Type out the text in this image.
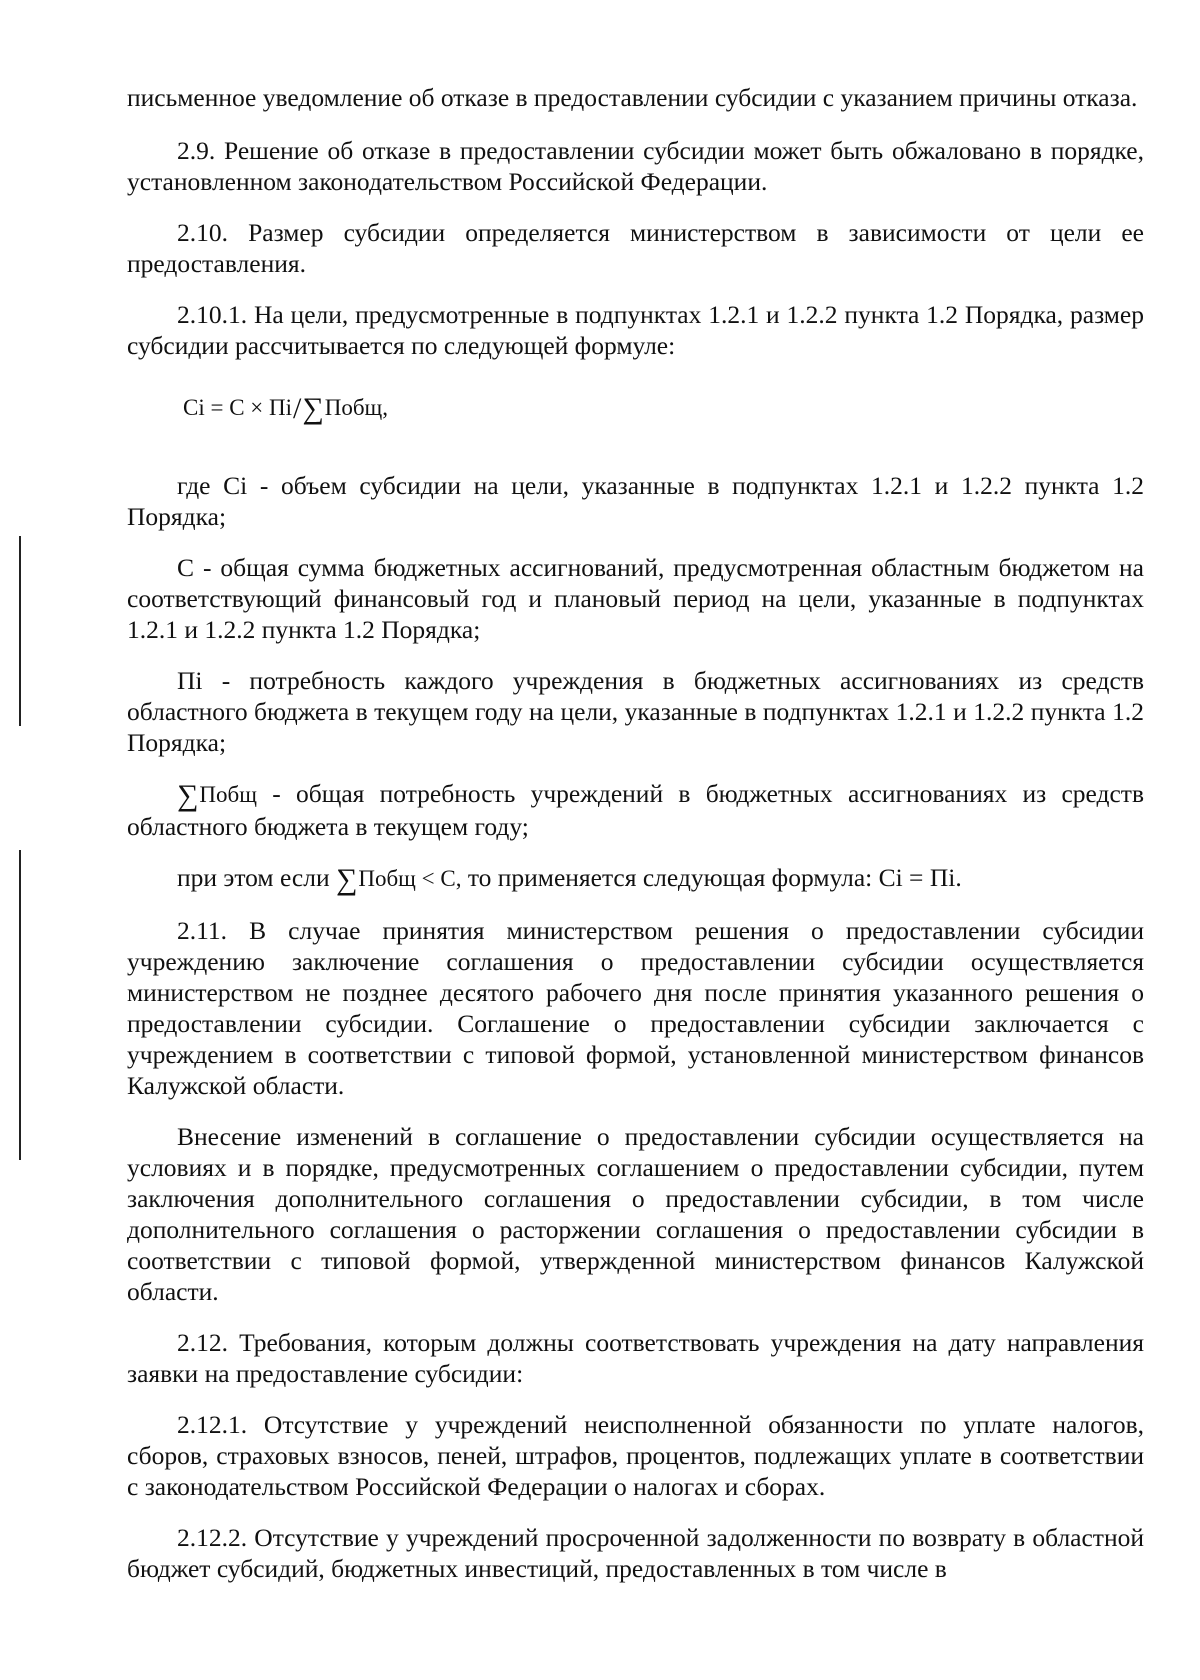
письменное уведомление об отказе в предоставлении субсидии с указанием причины отказа.

2.9. Решение об отказе в предоставлении субсидии может быть обжаловано в порядке, установленном законодательством Российской Федерации.

2.10. Размер субсидии определяется министерством в зависимости от цели ее предоставления.

2.10.1. На цели, предусмотренные в подпунктах 1.2.1 и 1.2.2 пункта 1.2 Порядка, размер субсидии рассчитывается по следующей формуле:

Ci = C × Пi/∑Побщ,

где Ci - объем субсидии на цели, указанные в подпунктах 1.2.1 и 1.2.2 пункта 1.2 Порядка;

C - общая сумма бюджетных ассигнований, предусмотренная областным бюджетом на соответствующий финансовый год и плановый период на цели, указанные в подпунктах 1.2.1 и 1.2.2 пункта 1.2 Порядка;

Пi - потребность каждого учреждения в бюджетных ассигнованиях из средств областного бюджета в текущем году на цели, указанные в подпунктах 1.2.1 и 1.2.2 пункта 1.2 Порядка;

∑Побщ - общая потребность учреждений в бюджетных ассигнованиях из средств областного бюджета в текущем году;

при этом если ∑Побщ < C, то применяется следующая формула: Ci = Пi.

2.11. В случае принятия министерством решения о предоставлении субсидии учреждению заключение соглашения о предоставлении субсидии осуществляется министерством не позднее десятого рабочего дня после принятия указанного решения о предоставлении субсидии. Соглашение о предоставлении субсидии заключается с учреждением в соответствии с типовой формой, установленной министерством финансов Калужской области.

Внесение изменений в соглашение о предоставлении субсидии осуществляется на условиях и в порядке, предусмотренных соглашением о предоставлении субсидии, путем заключения дополнительного соглашения о предоставлении субсидии, в том числе дополнительного соглашения о расторжении соглашения о предоставлении субсидии в соответствии с типовой формой, утвержденной министерством финансов Калужской области.

2.12. Требования, которым должны соответствовать учреждения на дату направления заявки на предоставление субсидии:

2.12.1. Отсутствие у учреждений неисполненной обязанности по уплате налогов, сборов, страховых взносов, пеней, штрафов, процентов, подлежащих уплате в соответствии с законодательством Российской Федерации о налогах и сборах.

2.12.2. Отсутствие у учреждений просроченной задолженности по возврату в областной бюджет субсидий, бюджетных инвестиций, предоставленных в том числе в
